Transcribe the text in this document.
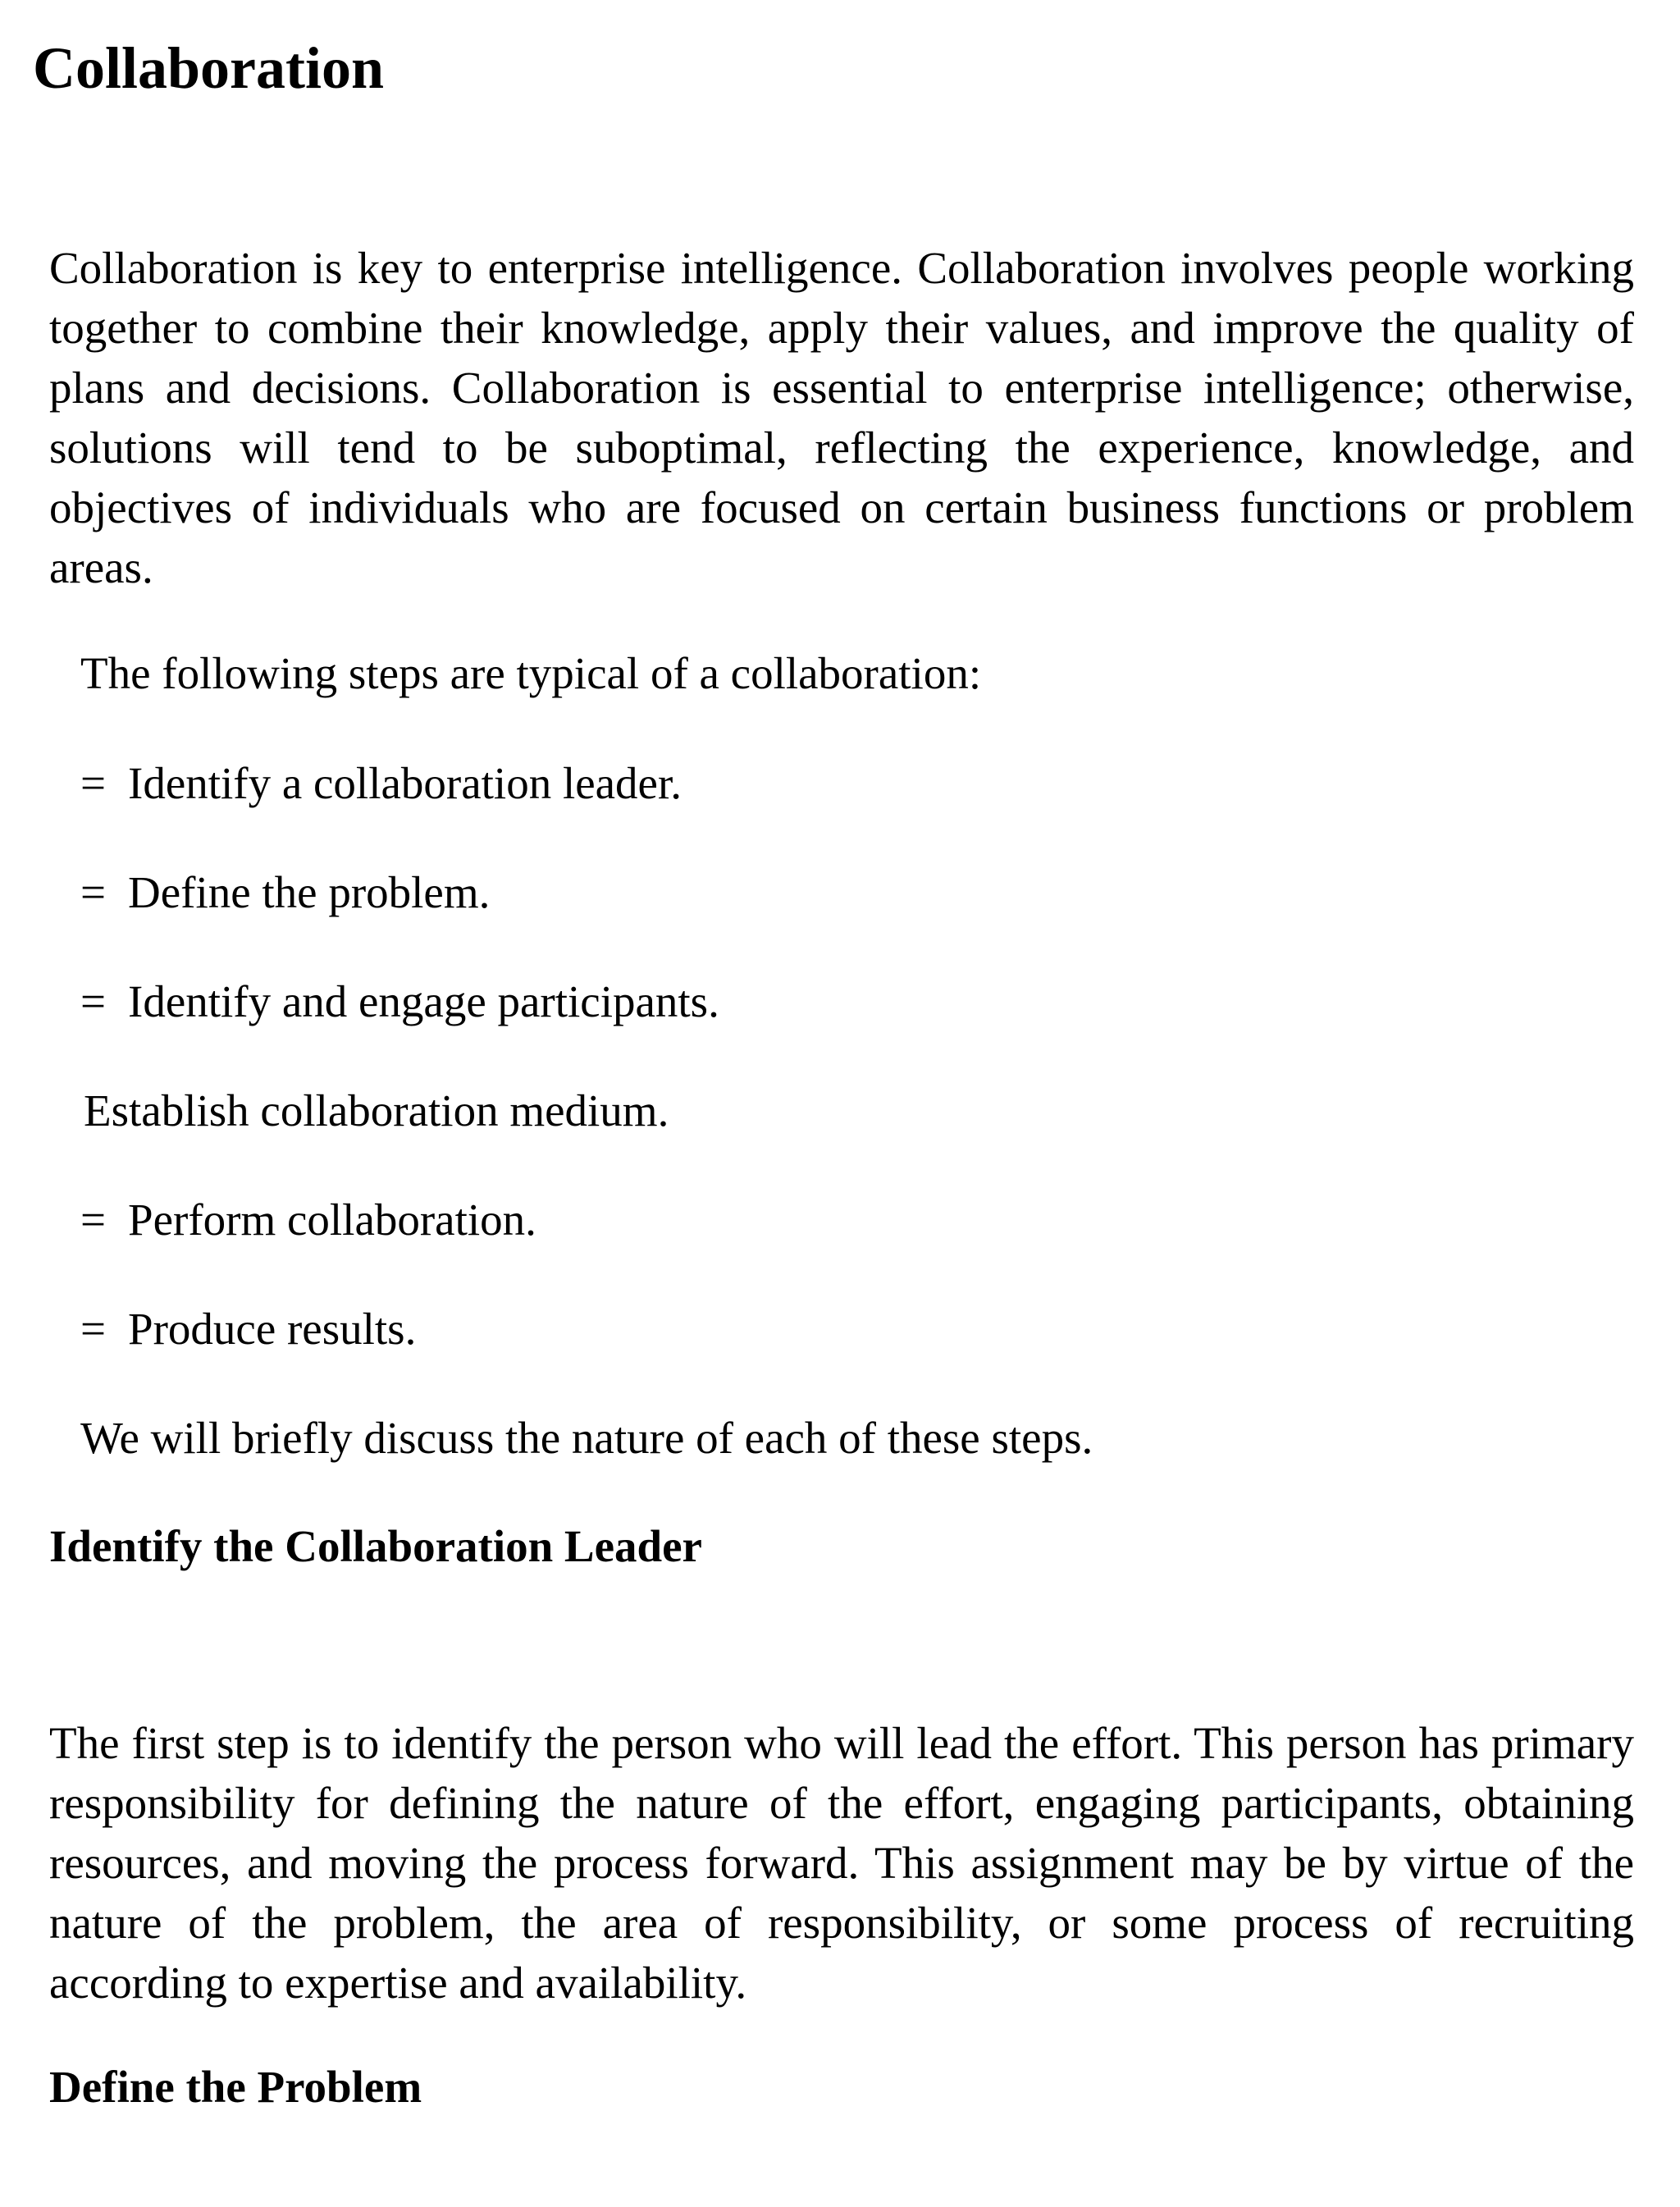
Collaboration

Collaboration is key to enterprise intelligence. Collaboration involves people working together to combine their knowledge, apply their values, and improve the quality of plans and decisions. Collaboration is essential to enterprise intelligence; otherwise, solutions will tend to be suboptimal, reflecting the experience, knowledge, and objectives of individuals who are focused on certain business functions or problem areas.

The following steps are typical of a collaboration:

= Identify a collaboration leader.

= Define the problem.

= Identify and engage participants.

Establish collaboration medium.

= Perform collaboration.

= Produce results.

We will briefly discuss the nature of each of these steps.

Identify the Collaboration Leader

The first step is to identify the person who will lead the effort. This person has primary responsibility for defining the nature of the effort, engaging participants, obtaining resources, and moving the process forward. This assignment may be by virtue of the nature of the problem, the area of responsibility, or some process of recruiting according to expertise and availability.

Define the Problem
